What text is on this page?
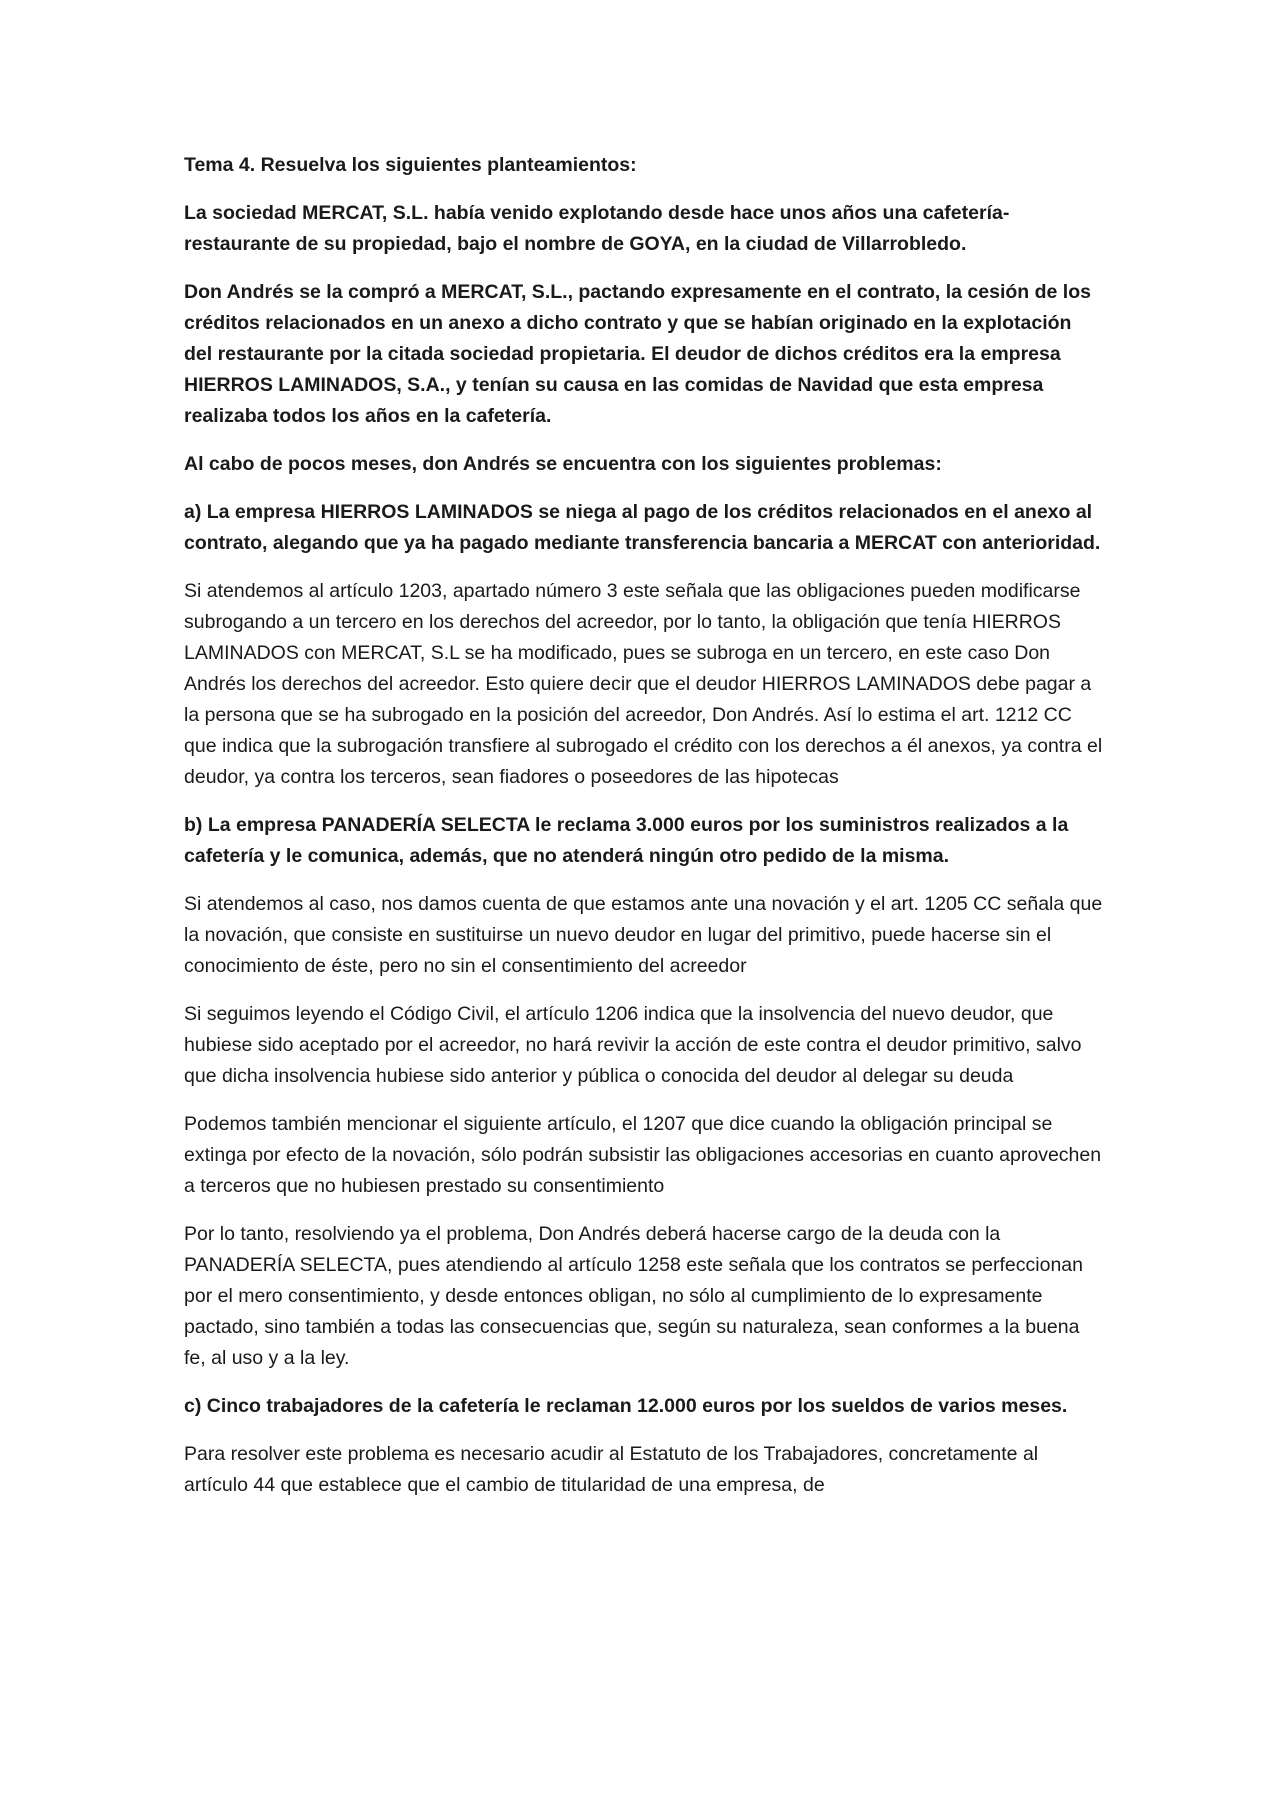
Tema 4. Resuelva los siguientes planteamientos:

La sociedad MERCAT, S.L. había venido explotando desde hace unos años una cafetería-restaurante de su propiedad, bajo el nombre de GOYA, en la ciudad de Villarrobledo.

Don Andrés se la compró a MERCAT, S.L., pactando expresamente en el contrato, la cesión de los créditos relacionados en un anexo a dicho contrato y que se habían originado en la explotación del restaurante por la citada sociedad propietaria. El deudor de dichos créditos era la empresa HIERROS LAMINADOS, S.A., y tenían su causa en las comidas de Navidad que esta empresa realizaba todos los años en la cafetería.

Al cabo de pocos meses, don Andrés se encuentra con los siguientes problemas:

a) La empresa HIERROS LAMINADOS se niega al pago de los créditos relacionados en el anexo al contrato, alegando que ya ha pagado mediante transferencia bancaria a MERCAT con anterioridad.

Si atendemos al artículo 1203, apartado número 3 este señala que las obligaciones pueden modificarse subrogando a un tercero en los derechos del acreedor, por lo tanto, la obligación que tenía HIERROS LAMINADOS con MERCAT, S.L se ha modificado, pues se subroga en un tercero, en este caso Don Andrés los derechos del acreedor. Esto quiere decir que el deudor HIERROS LAMINADOS debe pagar a la persona que se ha subrogado en la posición del acreedor, Don Andrés. Así lo estima el art. 1212 CC que indica que la subrogación transfiere al subrogado el crédito con los derechos a él anexos, ya contra el deudor, ya contra los terceros, sean fiadores o poseedores de las hipotecas

b) La empresa PANADERÍA SELECTA le reclama 3.000 euros por los suministros realizados a la cafetería y le comunica, además, que no atenderá ningún otro pedido de la misma.

Si atendemos al caso, nos damos cuenta de que estamos ante una novación y el art. 1205 CC señala que la novación, que consiste en sustituirse un nuevo deudor en lugar del primitivo, puede hacerse sin el conocimiento de éste, pero no sin el consentimiento del acreedor

Si seguimos leyendo el Código Civil, el artículo 1206 indica que la insolvencia del nuevo deudor, que hubiese sido aceptado por el acreedor, no hará revivir la acción de este contra el deudor primitivo, salvo que dicha insolvencia hubiese sido anterior y pública o conocida del deudor al delegar su deuda

Podemos también mencionar el siguiente artículo, el 1207 que dice cuando la obligación principal se extinga por efecto de la novación, sólo podrán subsistir las obligaciones accesorias en cuanto aprovechen a terceros que no hubiesen prestado su consentimiento

Por lo tanto, resolviendo ya el problema, Don Andrés deberá hacerse cargo de la deuda con la PANADERÍA SELECTA, pues atendiendo al artículo 1258 este señala que los contratos se perfeccionan por el mero consentimiento, y desde entonces obligan, no sólo al cumplimiento de lo expresamente pactado, sino también a todas las consecuencias que, según su naturaleza, sean conformes a la buena fe, al uso y a la ley.

c) Cinco trabajadores de la cafetería le reclaman 12.000 euros por los sueldos de varios meses.

Para resolver este problema es necesario acudir al Estatuto de los Trabajadores, concretamente al artículo 44 que establece que el cambio de titularidad de una empresa, de
